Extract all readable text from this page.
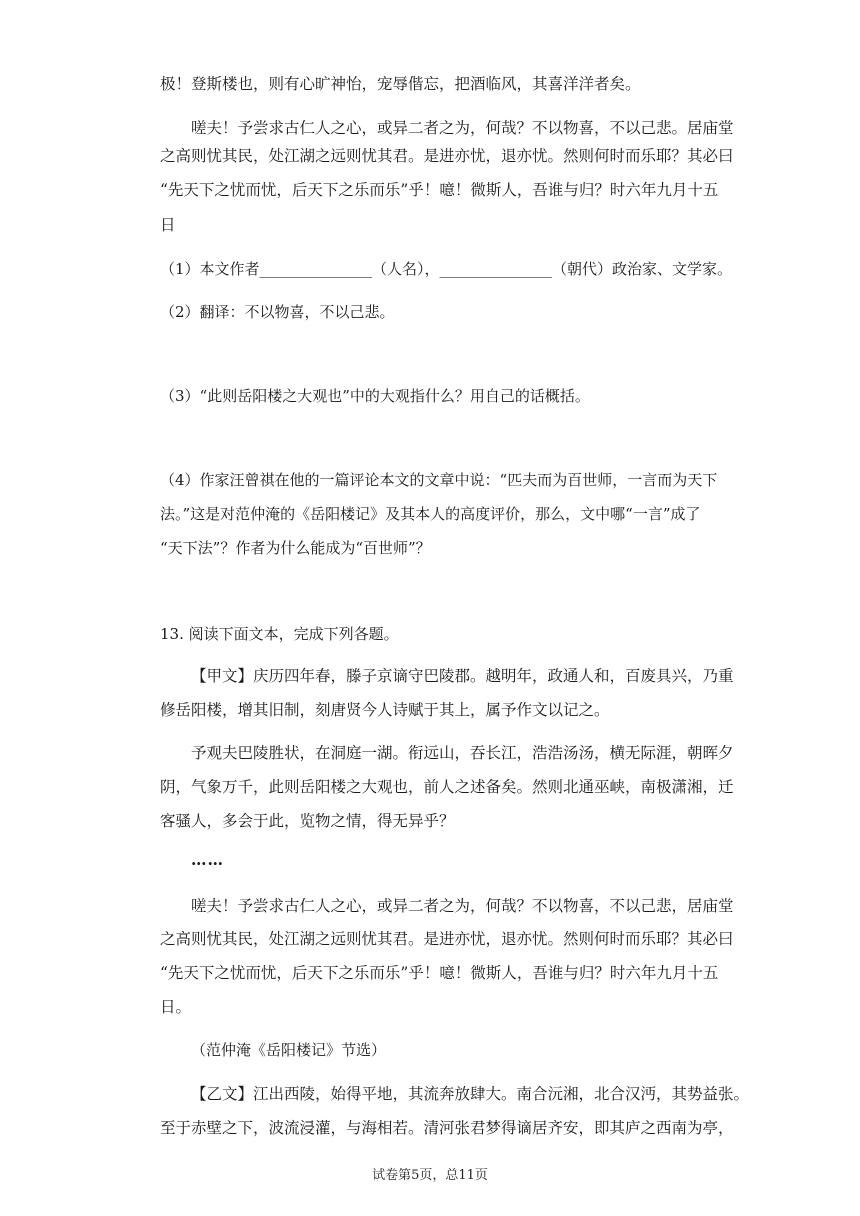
极！登斯楼也，则有心旷神怡，宠辱偕忘，把酒临风，其喜洋洋者矣。
嗟夫！予尝求古仁人之心，或异二者之为，何哉？不以物喜，不以己悲。居庙堂
之高则忧其民，处江湖之远则忧其君。是进亦忧，退亦忧。然则何时而乐耶？其必曰
“先天下之忧而忧，后天下之乐而乐”乎！噫！微斯人，吾谁与归？时六年九月十五
日
（1）本文作者_______________（人名），_______________（朝代）政治家、文学家。
（2）翻译：不以物喜，不以己悲。
（3）“此则岳阳楼之大观也”中的大观指什么？用自己的话概括。
（4）作家汪曾祺在他的一篇评论本文的文章中说：“匹夫而为百世师，一言而为天下
法。”这是对范仲淹的《岳阳楼记》及其本人的高度评价，那么，文中哪“一言”成了
“天下法”？作者为什么能成为“百世师”？
13. 阅读下面文本，完成下列各题。
【甲文】庆历四年春，滕子京谪守巴陵郡。越明年，政通人和，百废具兴，乃重
修岳阳楼，增其旧制，刻唐贤今人诗赋于其上，属予作文以记之。
予观夫巴陵胜状，在洞庭一湖。衔远山，吞长江，浩浩汤汤，横无际涯，朝晖夕
阴，气象万千，此则岳阳楼之大观也，前人之述备矣。然则北通巫峡，南极潇湘，迁
客骚人，多会于此，览物之情，得无异乎？
……
嗟夫！予尝求古仁人之心，或异二者之为，何哉？不以物喜，不以己悲，居庙堂
之高则忧其民，处江湖之远则忧其君。是进亦忧，退亦忧。然则何时而乐耶？其必曰
“先天下之忧而忧，后天下之乐而乐”乎！噫！微斯人，吾谁与归？时六年九月十五
日。
（范仲淹《岳阳楼记》节选）
【乙文】江出西陵，始得平地，其流奔放肆大。南合沅湘，北合汉沔，其势益张。
至于赤壁之下，波流浸灌，与海相若。清河张君梦得谪居齐安，即其庐之西南为亭，
试卷第5页，总11页
